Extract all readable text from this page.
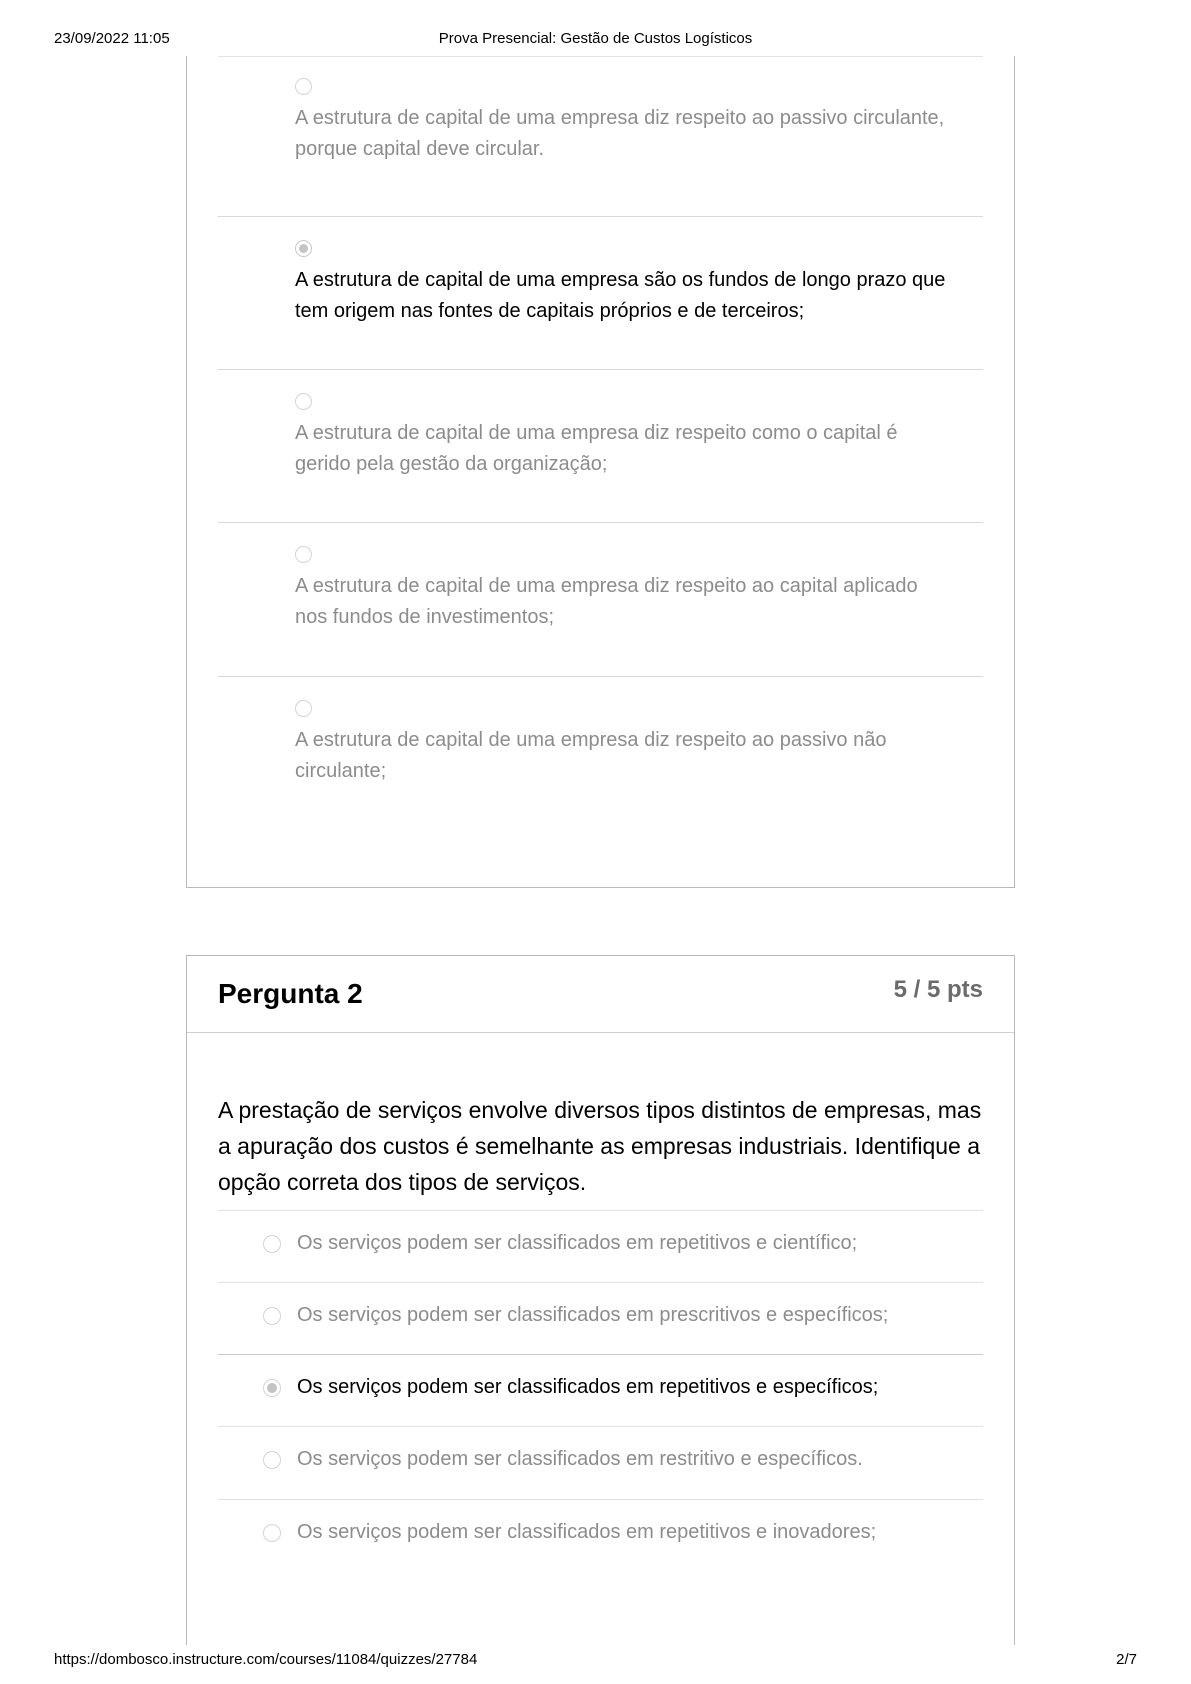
23/09/2022 11:05	Prova Presencial: Gestão de Custos Logísticos
A estrutura de capital de uma empresa diz respeito ao passivo circulante, porque capital deve circular.
A estrutura de capital de uma empresa são os fundos de longo prazo que tem origem nas fontes de capitais próprios e de terceiros;
A estrutura de capital de uma empresa diz respeito como o capital é gerido pela gestão da organização;
A estrutura de capital de uma empresa diz respeito ao capital aplicado nos fundos de investimentos;
A estrutura de capital de uma empresa diz respeito ao passivo não circulante;
Pergunta 2	5 / 5 pts
A prestação de serviços envolve diversos tipos distintos de empresas, mas a apuração dos custos é semelhante as empresas industriais. Identifique a opção correta dos tipos de serviços.
Os serviços podem ser classificados em repetitivos e científico;
Os serviços podem ser classificados em prescritivos e específicos;
Os serviços podem ser classificados em repetitivos e específicos;
Os serviços podem ser classificados em restritivo e específicos.
Os serviços podem ser classificados em repetitivos e inovadores;
https://dombosco.instructure.com/courses/11084/quizzes/27784	2/7
